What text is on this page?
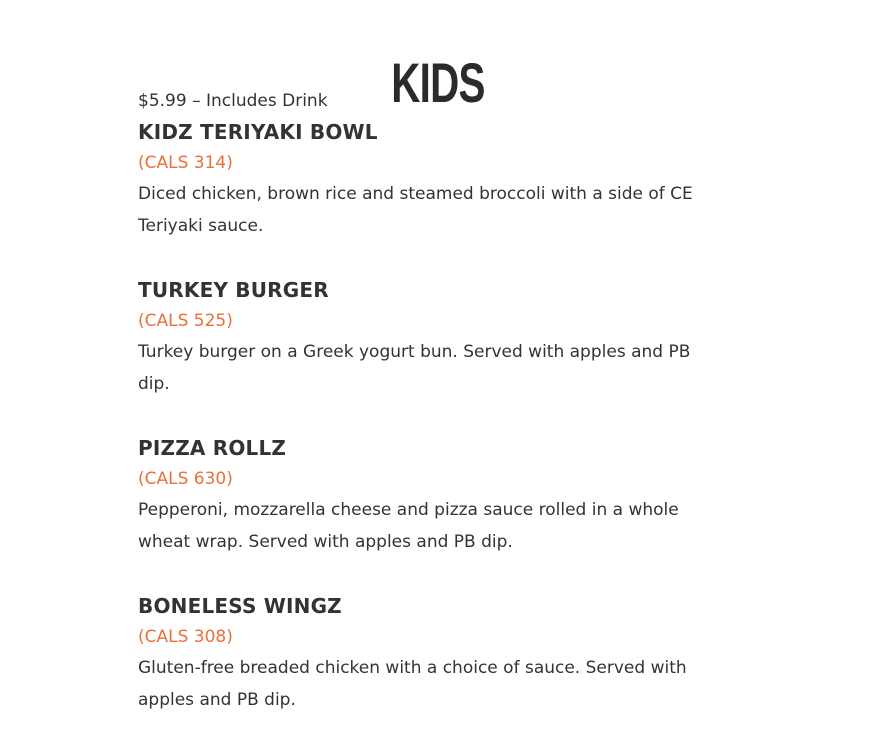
KIDS

$5.99 – Includes Drink

KIDZ TERIYAKI BOWL

(CALS 314)

Diced chicken, brown rice and steamed broccoli with a side of CE Teriyaki sauce.

TURKEY BURGER

(CALS 525)

Turkey burger on a Greek yogurt bun. Served with apples and PB dip.

PIZZA ROLLZ

(CALS 630)

Pepperoni, mozzarella cheese and pizza sauce rolled in a whole wheat wrap. Served with apples and PB dip.

BONELESS WINGZ

(CALS 308)

Gluten-free breaded chicken with a choice of sauce. Served with apples and PB dip.
